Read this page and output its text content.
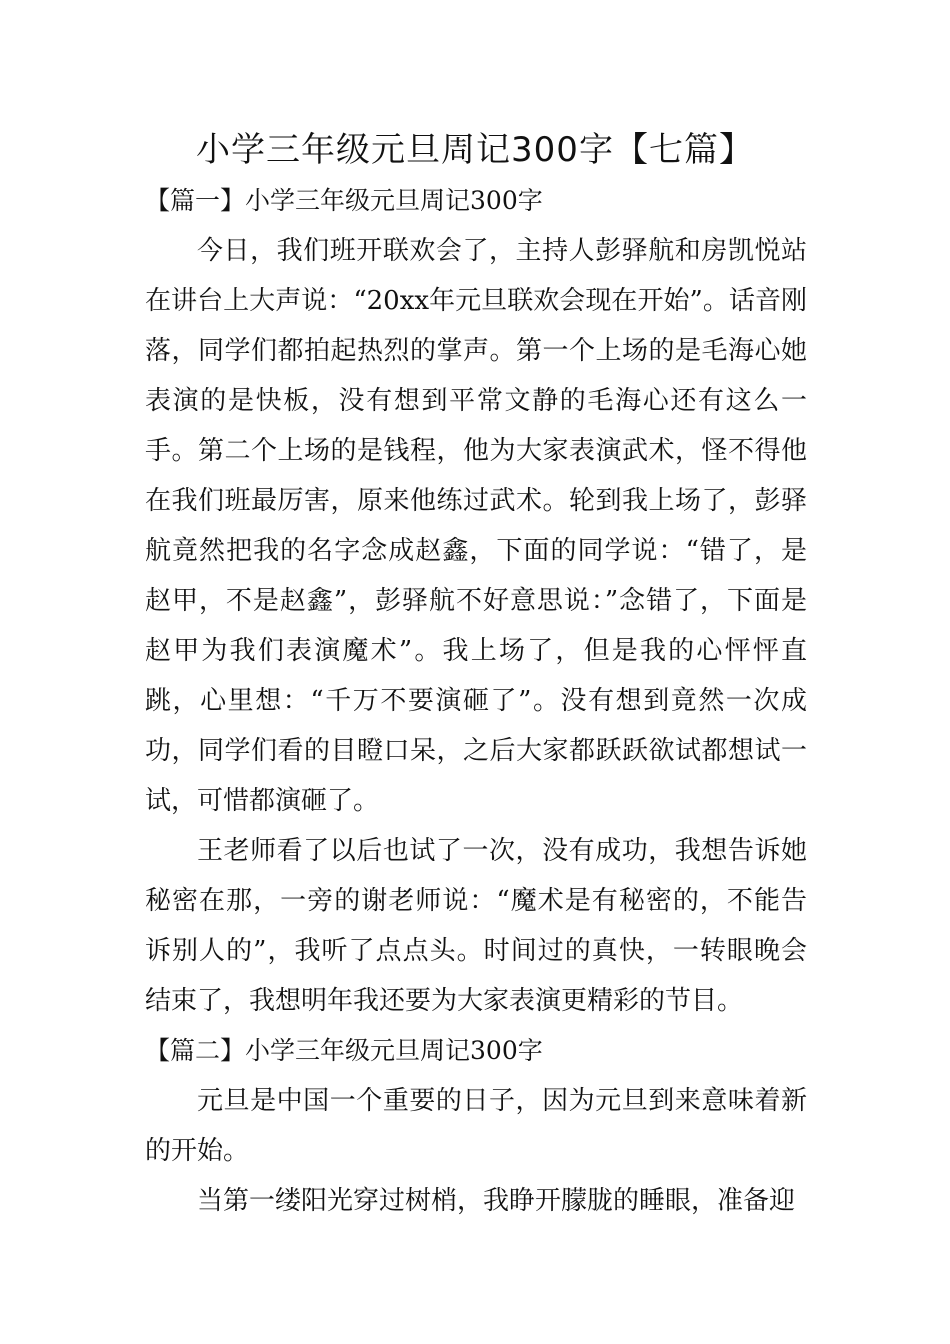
小学三年级元旦周记300字【七篇】
【篇一】小学三年级元旦周记300字

今日，我们班开联欢会了，主持人彭驿航和房凯悦站在讲台上大声说：“20xx年元旦联欢会现在开始”。话音刚落，同学们都拍起热烈的掌声。第一个上场的是毛海心她表演的是快板，没有想到平常文静的毛海心还有这么一手。第二个上场的是钱程，他为大家表演武术，怪不得他在我们班最厉害，原来他练过武术。轮到我上场了，彭驿航竟然把我的名字念成赵鑫，下面的同学说：“错了，是赵甲，不是赵鑫”，彭驿航不好意思说：”念错了，下面是赵甲为我们表演魔术”。我上场了，但是我的心怦怦直跳，心里想：“千万不要演砸了”。没有想到竟然一次成功，同学们看的目瞪口呆，之后大家都跃跃欲试都想试一试，可惜都演砸了。

王老师看了以后也试了一次，没有成功，我想告诉她秘密在那，一旁的谢老师说：“魔术是有秘密的，不能告诉别人的”，我听了点点头。时间过的真快，一转眼晚会结束了，我想明年我还要为大家表演更精彩的节目。

【篇二】小学三年级元旦周记300字

元旦是中国一个重要的日子，因为元旦到来意味着新的开始。

当第一缕阳光穿过树梢，我睁开朦胧的睡眼，准备迎
